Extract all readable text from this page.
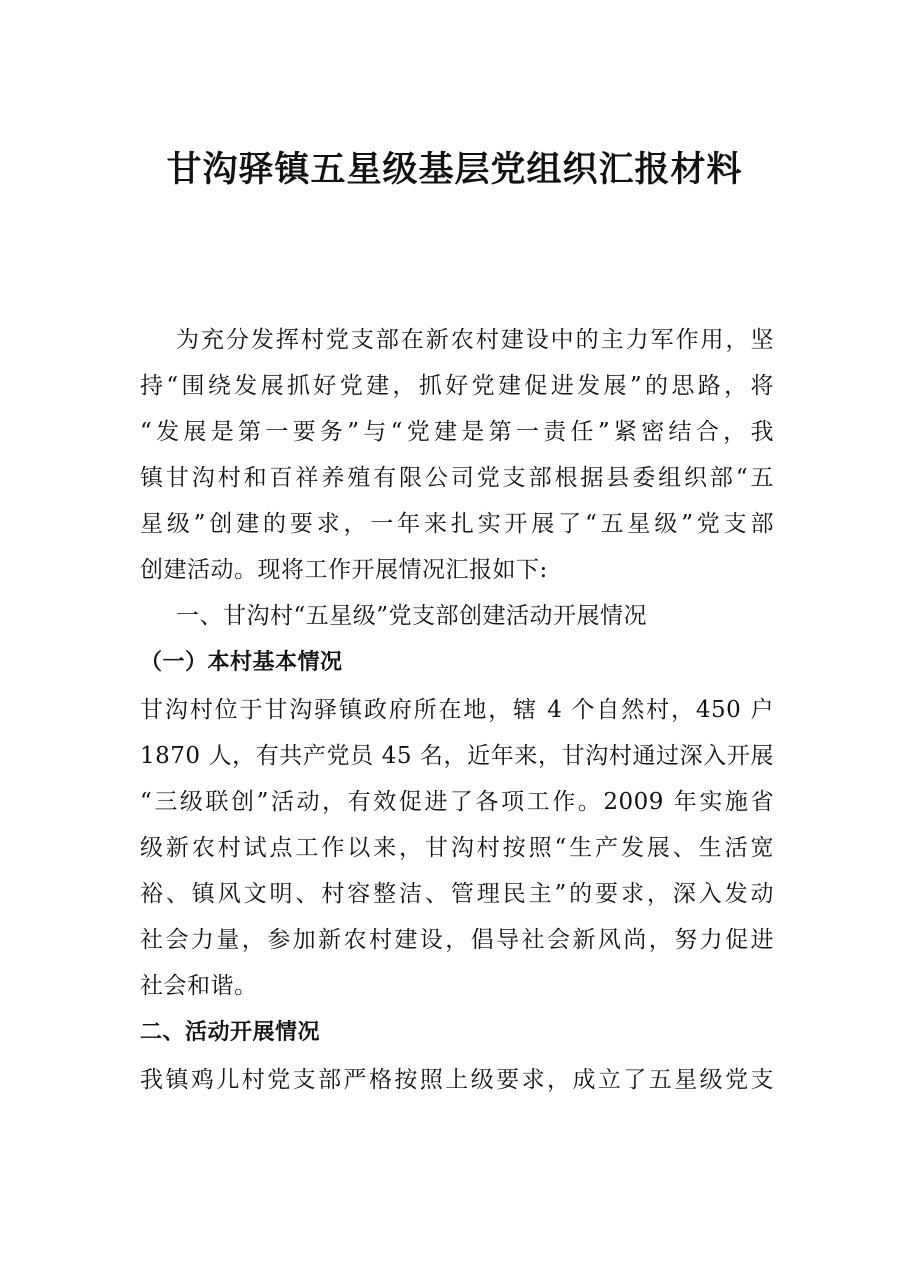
甘沟驿镇五星级基层党组织汇报材料
为充分发挥村党支部在新农村建设中的主力军作用，坚
持“围绕发展抓好党建，抓好党建促进发展”的思路，将
“发展是第一要务”与“党建是第一责任”紧密结合，我
镇甘沟村和百祥养殖有限公司党支部根据县委组织部“五
星级”创建的要求，一年来扎实开展了“五星级”党支部
创建活动。现将工作开展情况汇报如下:
一、甘沟村“五星级”党支部创建活动开展情况
（一）本村基本情况
甘沟村位于甘沟驿镇政府所在地，辖 4 个自然村，450 户
1870 人，有共产党员 45 名，近年来，甘沟村通过深入开展
“三级联创”活动，有效促进了各项工作。2009 年实施省
级新农村试点工作以来，甘沟村按照“生产发展、生活宽
裕、镇风文明、村容整洁、管理民主”的要求，深入发动
社会力量，参加新农村建设，倡导社会新风尚，努力促进
社会和谐。
二、活动开展情况
我镇鸡儿村党支部严格按照上级要求，成立了五星级党支
